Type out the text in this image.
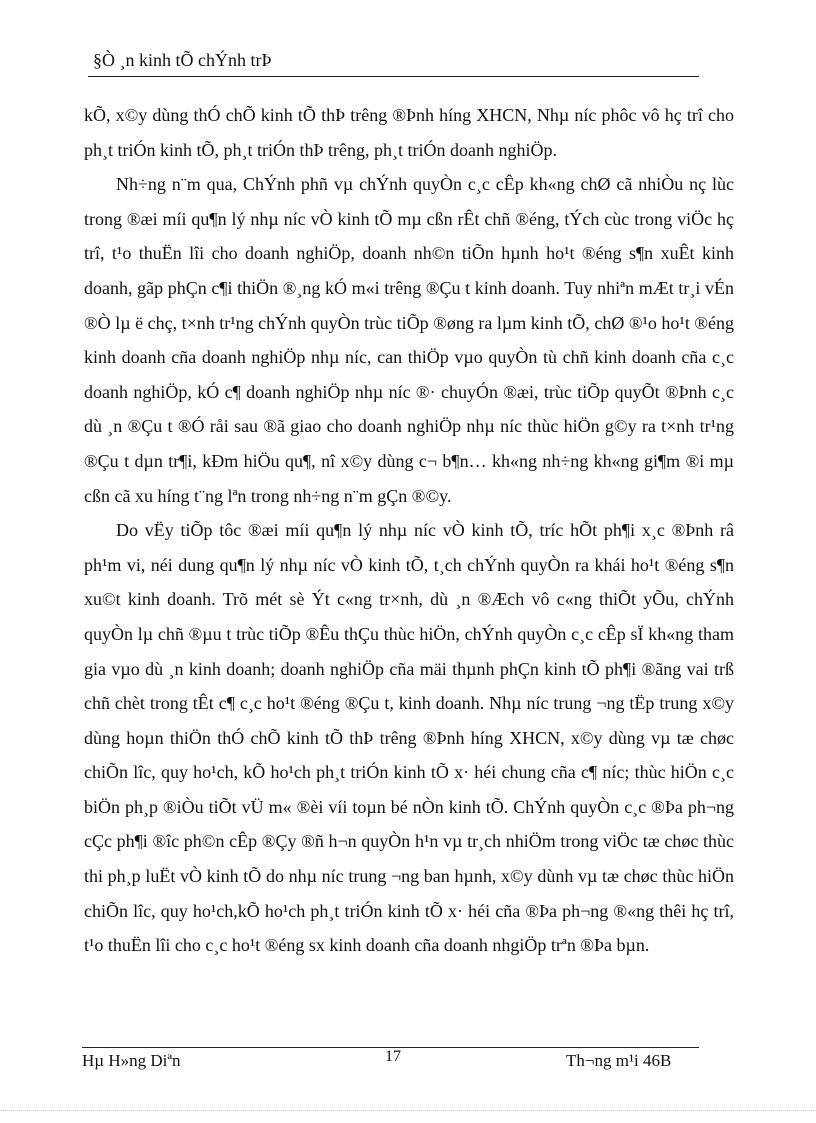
§Ò ¸n kinh tÕ chÝnh trÞ

kÕ, x©y dùng thÓ chÕ kinh tÕ thÞ trêng ®Þnh híng XHCN, Nhµ níc phôc vô hç trî cho ph¸t triÓn kinh tÕ, ph¸t triÓn thÞ trêng, ph¸t triÓn doanh nghiÖp.

Nh÷ng n¨m qua, ChÝnh phñ vµ chÝnh quyÒn c¸c cÊp kh«ng chØ cã nhiÒu nç lùc trong ®æi míi qu¶n lý nhµ níc vÒ kinh tÕ mµ cßn rÊt chñ ®éng, tÝch cùc trong viÖc hç trî, t¹o thuËn lîi cho doanh nghiÖp, doanh nh©n tiÕn hµnh ho¹t ®éng s¶n xuÊt kinh doanh, gãp phÇn c¶i thiÖn ®¸ng kÓ m«i trêng ®Çu t kinh doanh. Tuy nhiªn mÆt tr¸i vÉn ®Ò lµ ë chç, t×nh tr¹ng chÝnh quyÒn trùc tiÕp ®øng ra lµm kinh tÕ, chØ ®¹o ho¹t ®éng kinh doanh cña doanh nghiÖp nhµ níc, can thiÖp vµo quyÒn tù chñ kinh doanh cña c¸c doanh nghiÖp, kÓ c¶ doanh nghiÖp nhµ níc ®· chuyÓn ®æi, trùc tiÕp quyÕt ®Þnh c¸c dù ¸n ®Çu t ®Ó råi sau ®ã giao cho doanh nghiÖp nhµ níc thùc hiÖn g©y ra t×nh tr¹ng ®Çu t dµn tr¶i, kÐm hiÖu qu¶, nî x©y dùng c¬ b¶n… kh«ng nh÷ng kh«ng gi¶m ®i mµ cßn cã xu híng t¨ng lªn trong nh÷ng n¨m gÇn ®©y.

Do vËy tiÕp tôc ®æi míi qu¶n lý nhµ níc vÒ kinh tÕ, tríc hÕt ph¶i x¸c ®Þnh râ ph¹m vi, néi dung qu¶n lý nhµ níc vÒ kinh tÕ, t¸ch chÝnh quyÒn ra khái ho¹t ®éng s¶n xu©t kinh doanh. Trõ mét sè Ýt c«ng tr×nh, dù ¸n ®Æch vô c«ng thiÕt yÕu, chÝnh quyÒn lµ chñ ®µu t trùc tiÕp ®Êu thÇu thùc hiÖn, chÝnh quyÒn c¸c cÊp sÏ kh«ng tham gia vµo dù ¸n kinh doanh; doanh nghiÖp cña mäi thµnh phÇn kinh tÕ ph¶i ®ãng vai trß chñ chèt trong tÊt c¶ c¸c ho¹t ®éng ®Çu t, kinh doanh. Nhµ níc trung ¬ng tËp trung x©y dùng hoµn thiÖn thÓ chÕ kinh tÕ thÞ trêng ®Þnh híng XHCN, x©y dùng vµ tæ chøc chiÕn lîc, quy ho¹ch, kÕ ho¹ch ph¸t triÓn kinh tÕ x· héi chung cña c¶ níc; thùc hiÖn c¸c biÖn ph¸p ®iÒu tiÕt vÜ m« ®èi víi toµn bé nÒn kinh tÕ. ChÝnh quyÒn c¸c ®Þa ph¬ng cÇc ph¶i ®îc ph©n cÊp ®Çy ®ñ h¬n quyÒn h¹n vµ tr¸ch nhiÖm trong viÖc tæ chøc thùc thi ph¸p luËt vÒ kinh tÕ do nhµ níc trung ¬ng ban hµnh, x©y dùnh vµ tæ chøc thùc hiÖn chiÕn lîc, quy ho¹ch,kÕ ho¹ch ph¸t triÓn kinh tÕ x· héi cña ®Þa ph¬ng ®«ng thêi hç trî, t¹o thuËn lîi cho c¸c ho¹t ®éng sx kinh doanh cña doanh nhgiÖp trªn ®Þa bµn.

Hµ H»ng Diªn	17	Th¬ng m¹i 46B
